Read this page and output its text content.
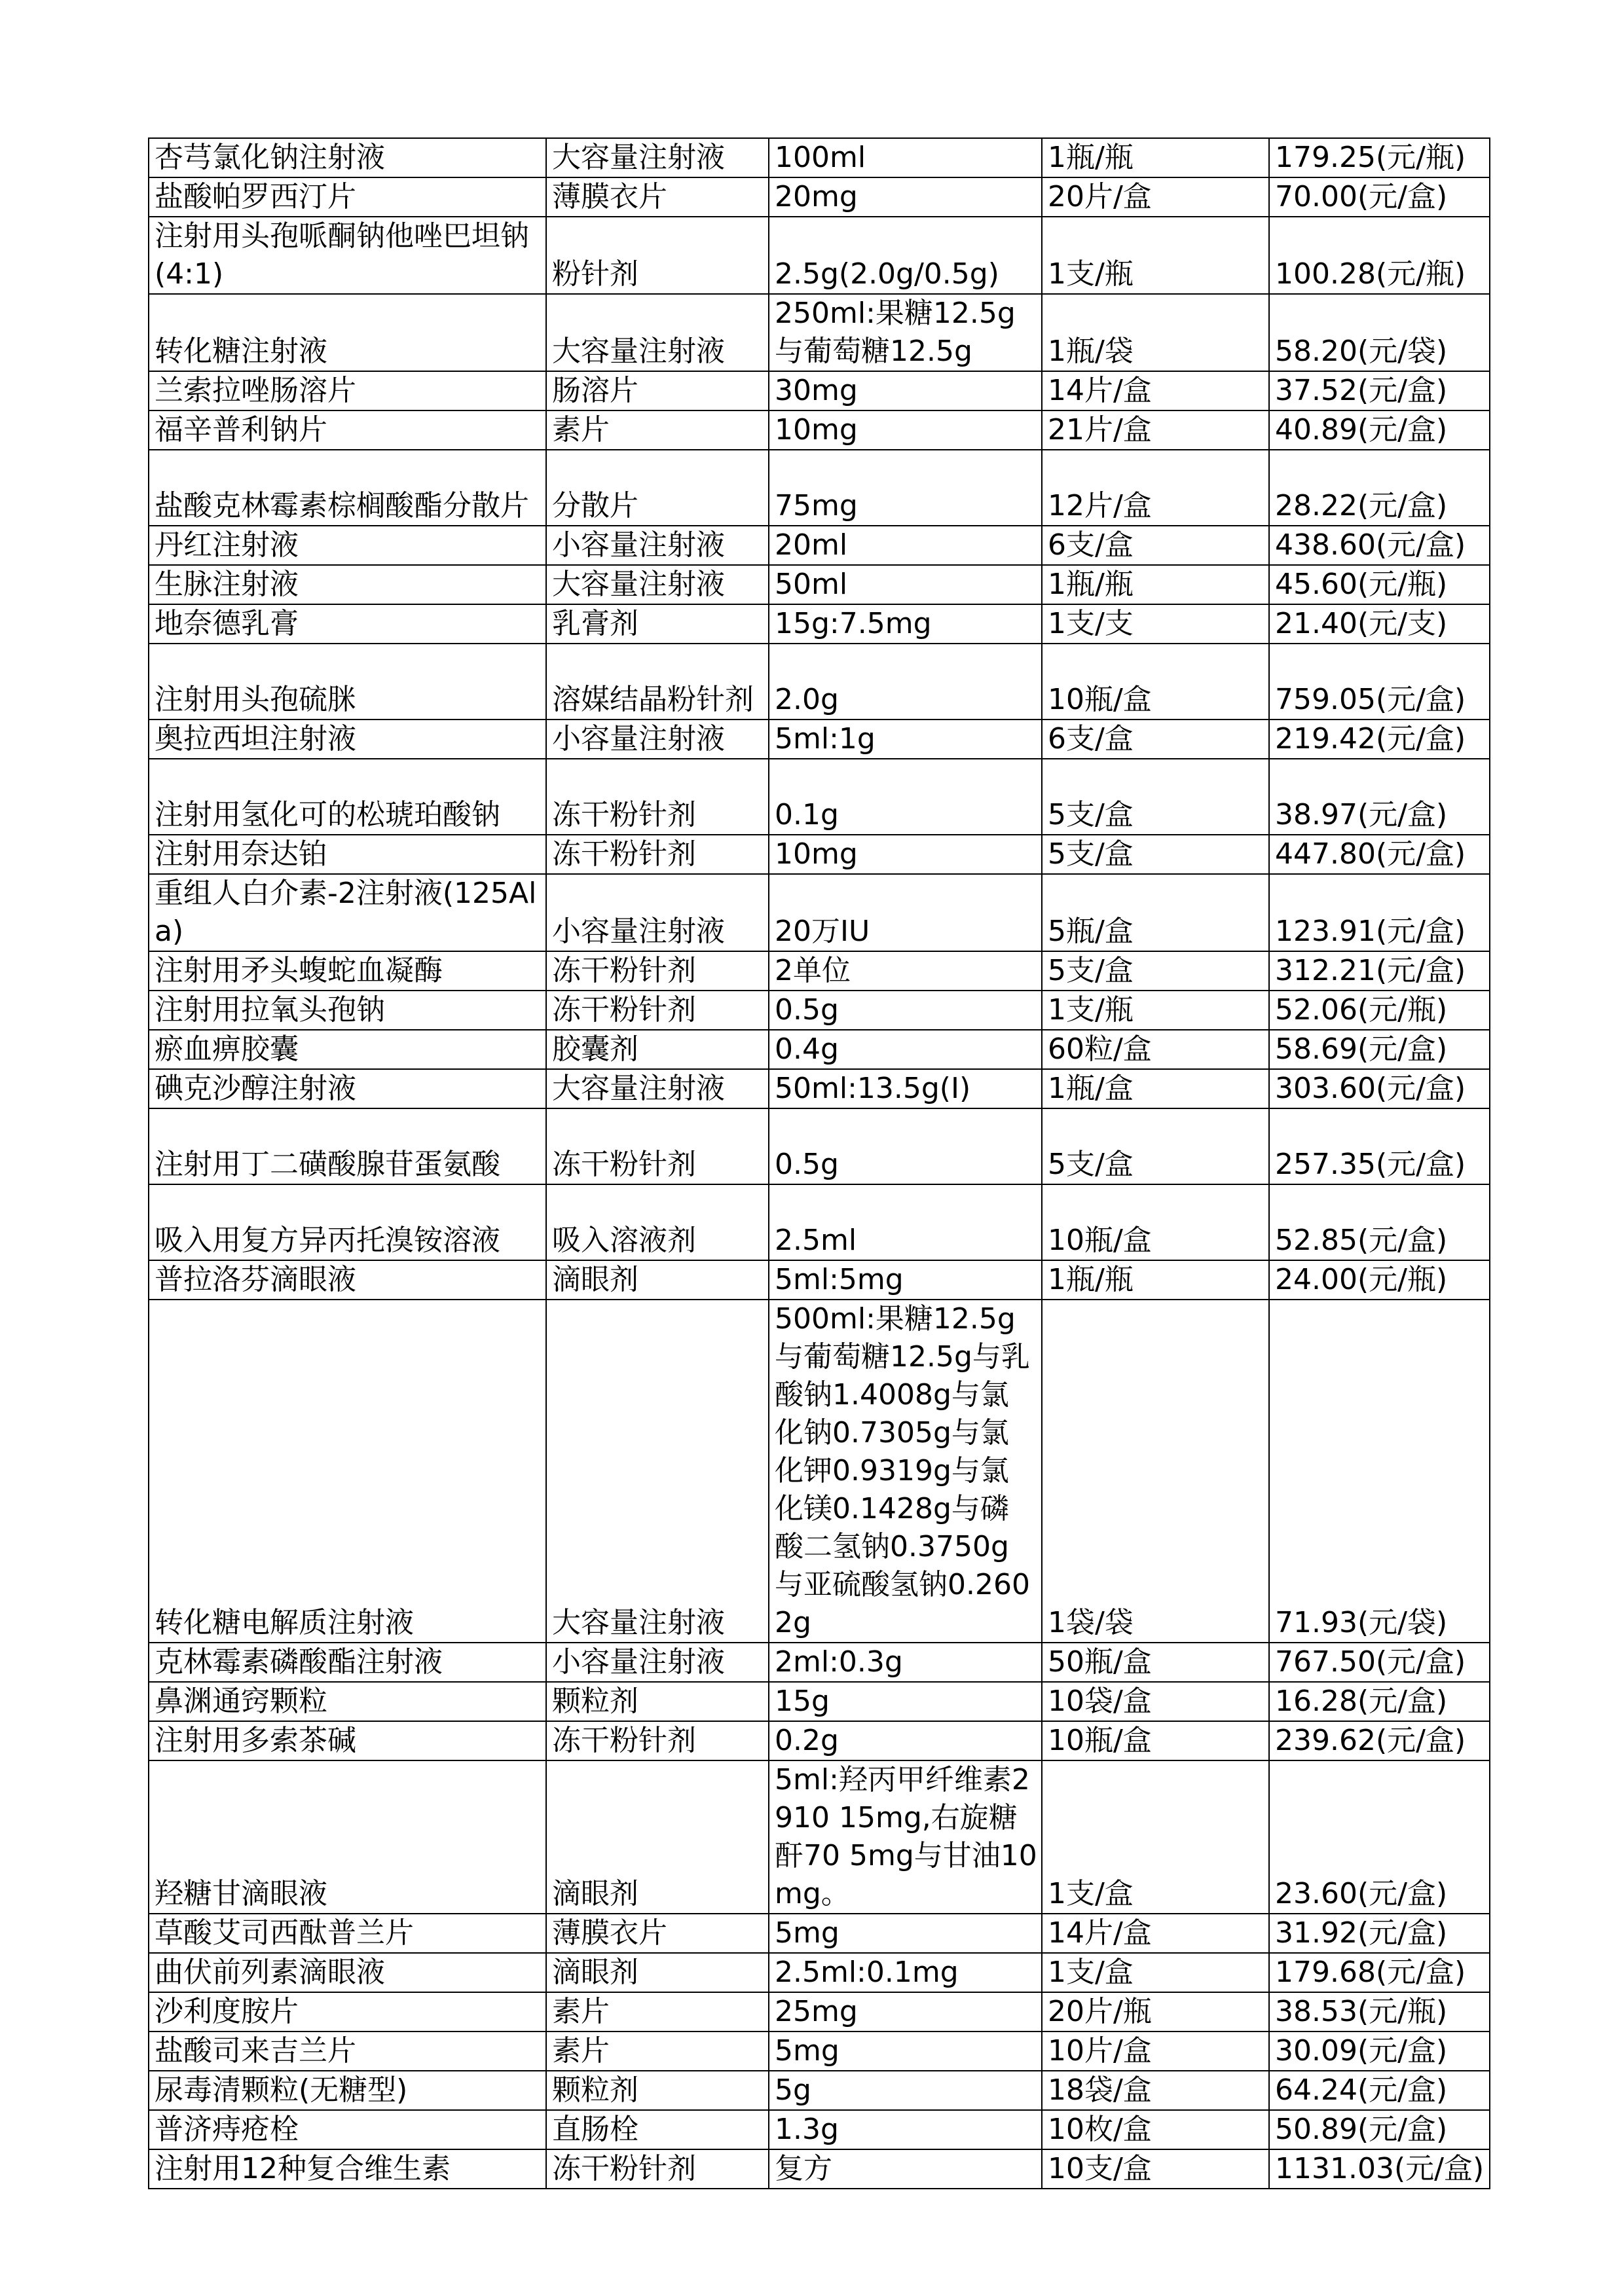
杏芎氯化钠注射液	大容量注射液	100ml	1瓶/瓶	179.25(元/瓶)
盐酸帕罗西汀片	薄膜衣片	20mg	20片/盒	70.00(元/盒)
注射用头孢哌酮钠他唑巴坦钠(4:1)	粉针剂	2.5g(2.0g/0.5g)	1支/瓶	100.28(元/瓶)
转化糖注射液	大容量注射液	250ml:果糖12.5g与葡萄糖12.5g	1瓶/袋	58.20(元/袋)
兰索拉唑肠溶片	肠溶片	30mg	14片/盒	37.52(元/盒)
福辛普利钠片	素片	10mg	21片/盒	40.89(元/盒)
盐酸克林霉素棕榈酸酯分散片	分散片	75mg	12片/盒	28.22(元/盒)
丹红注射液	小容量注射液	20ml	6支/盒	438.60(元/盒)
生脉注射液	大容量注射液	50ml	1瓶/瓶	45.60(元/瓶)
地奈德乳膏	乳膏剂	15g:7.5mg	1支/支	21.40(元/支)
注射用头孢硫脒	溶媒结晶粉针剂	2.0g	10瓶/盒	759.05(元/盒)
奥拉西坦注射液	小容量注射液	5ml:1g	6支/盒	219.42(元/盒)
注射用氢化可的松琥珀酸钠	冻干粉针剂	0.1g	5支/盒	38.97(元/盒)
注射用奈达铂	冻干粉针剂	10mg	5支/盒	447.80(元/盒)
重组人白介素-2注射液(125Ala)	小容量注射液	20万IU	5瓶/盒	123.91(元/盒)
注射用矛头蝮蛇血凝酶	冻干粉针剂	2单位	5支/盒	312.21(元/盒)
注射用拉氧头孢钠	冻干粉针剂	0.5g	1支/瓶	52.06(元/瓶)
瘀血痹胶囊	胶囊剂	0.4g	60粒/盒	58.69(元/盒)
碘克沙醇注射液	大容量注射液	50ml:13.5g(I)	1瓶/盒	303.60(元/盒)
注射用丁二磺酸腺苷蛋氨酸	冻干粉针剂	0.5g	5支/盒	257.35(元/盒)
吸入用复方异丙托溴铵溶液	吸入溶液剂	2.5ml	10瓶/盒	52.85(元/盒)
普拉洛芬滴眼液	滴眼剂	5ml:5mg	1瓶/瓶	24.00(元/瓶)
转化糖电解质注射液	大容量注射液	500ml:果糖12.5g与葡萄糖12.5g与乳酸钠1.4008g与氯化钠0.7305g与氯化钾0.9319g与氯化镁0.1428g与磷酸二氢钠0.3750g与亚硫酸氢钠0.2602g	1袋/袋	71.93(元/袋)
克林霉素磷酸酯注射液	小容量注射液	2ml:0.3g	50瓶/盒	767.50(元/盒)
鼻渊通窍颗粒	颗粒剂	15g	10袋/盒	16.28(元/盒)
注射用多索茶碱	冻干粉针剂	0.2g	10瓶/盒	239.62(元/盒)
羟糖甘滴眼液	滴眼剂	5ml:羟丙甲纤维素2910 15mg,右旋糖酐70 5mg与甘油10mg。	1支/盒	23.60(元/盒)
草酸艾司西酞普兰片	薄膜衣片	5mg	14片/盒	31.92(元/盒)
曲伏前列素滴眼液	滴眼剂	2.5ml:0.1mg	1支/盒	179.68(元/盒)
沙利度胺片	素片	25mg	20片/瓶	38.53(元/瓶)
盐酸司来吉兰片	素片	5mg	10片/盒	30.09(元/盒)
尿毒清颗粒(无糖型)	颗粒剂	5g	18袋/盒	64.24(元/盒)
普济痔疮栓	直肠栓	1.3g	10枚/盒	50.89(元/盒)
注射用12种复合维生素	冻干粉针剂	复方	10支/盒	1131.03(元/盒)
